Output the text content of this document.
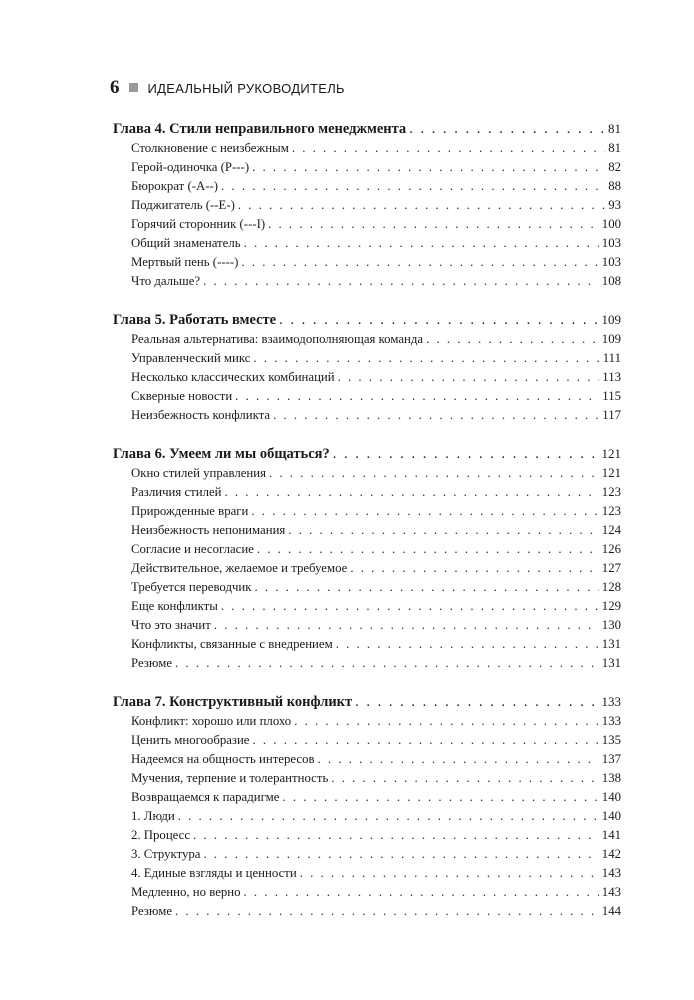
6 ИДЕАЛЬНЫЙ РУКОВОДИТЕЛЬ
Глава 4. Стили неправильного менеджмента . . .	81
Столкновение с неизбежным . . .	81
Герой-одиночка (P---) . . .	82
Бюрократ (-A--) . . .	88
Поджигатель (--E-) . . .	93
Горячий сторонник (---I) . . .	100
Общий знаменатель . . .	103
Мертвый пень (----) . . .	103
Что дальше? . . .	108
Глава 5. Работать вместе . . .	109
Реальная альтернатива: взаимодополняющая команда . . .	109
Управленческий микс . . .	111
Несколько классических комбинаций . . .	113
Скверные новости . . .	115
Неизбежность конфликта . . .	117
Глава 6. Умеем ли мы общаться? . . .	121
Окно стилей управления . . .	121
Различия стилей . . .	123
Прирожденные враги . . .	123
Неизбежность непонимания . . .	124
Согласие и несогласие . . .	126
Действительное, желаемое и требуемое . . .	127
Требуется переводчик . . .	128
Еще конфликты . . .	129
Что это значит . . .	130
Конфликты, связанные с внедрением . . .	131
Резюме . . .	131
Глава 7. Конструктивный конфликт . . .	133
Конфликт: хорошо или плохо . . .	133
Ценить многообразие . . .	135
Надеемся на общность интересов . . .	137
Мучения, терпение и толерантность . . .	138
Возвращаемся к парадигме . . .	140
1. Люди . . .	140
2. Процесс . . .	141
3. Структура . . .	142
4. Единые взгляды и ценности . . .	143
Медленно, но верно . . .	143
Резюме . . .	144
